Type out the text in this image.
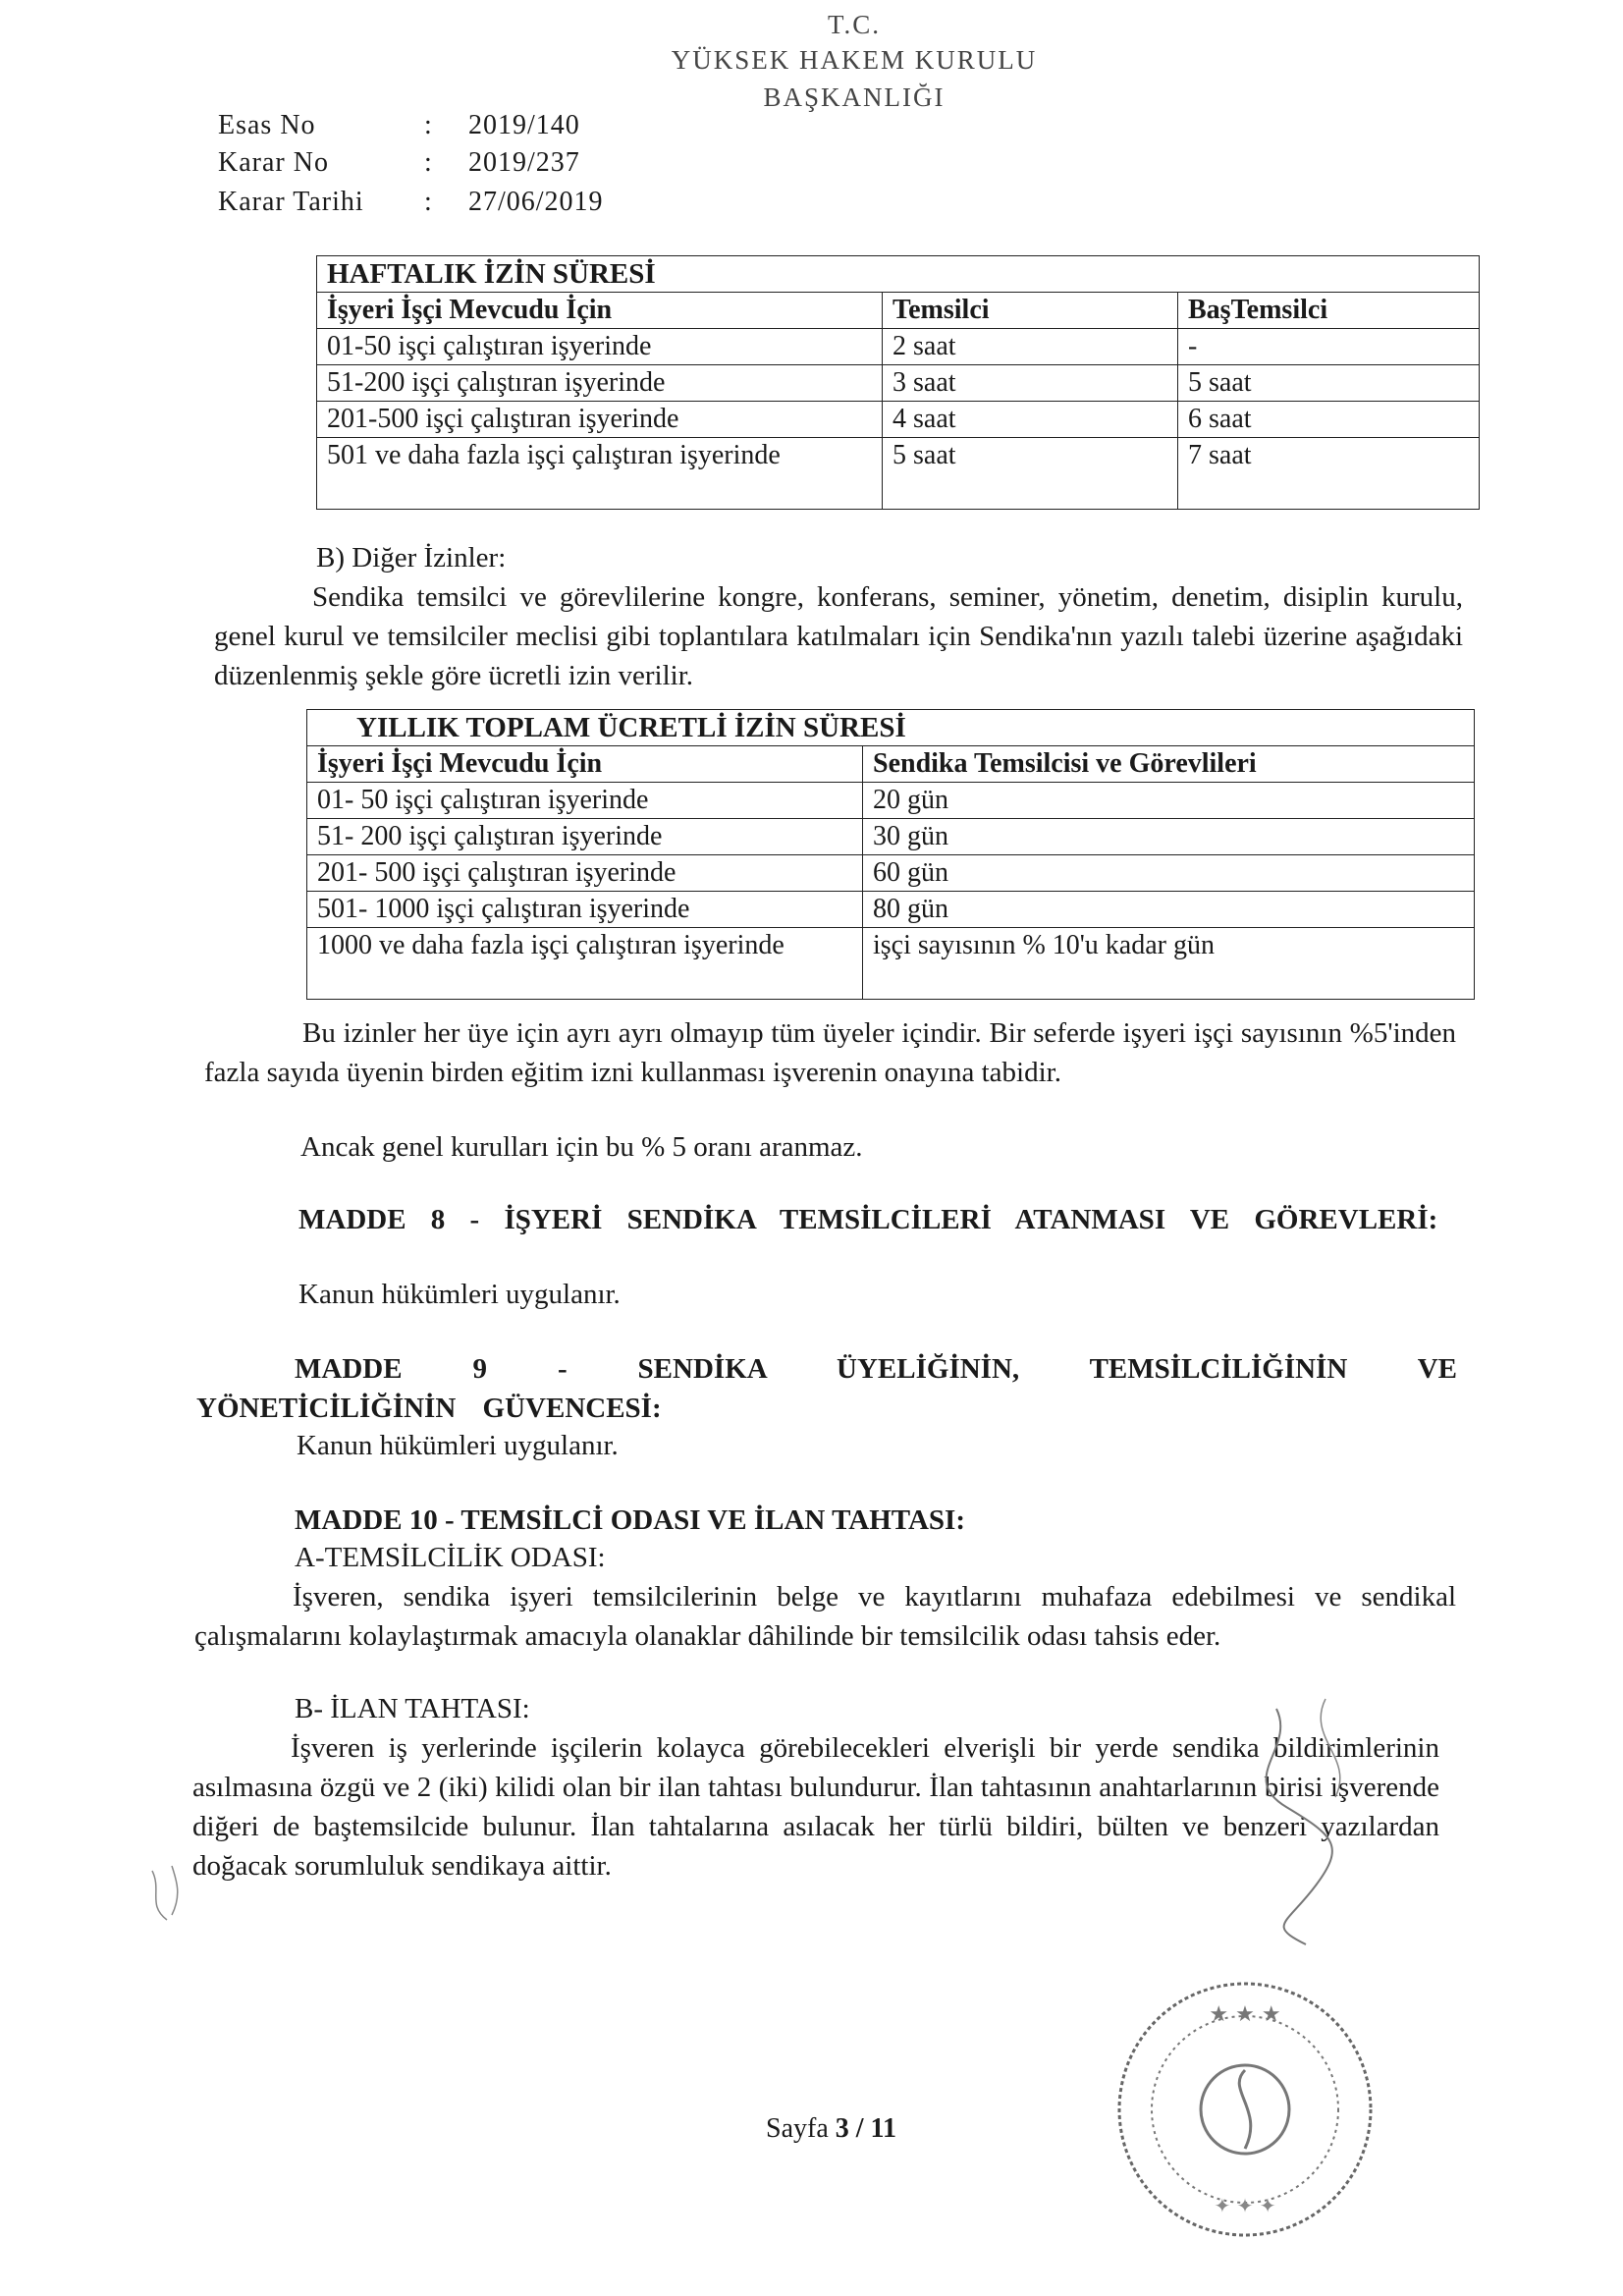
T.C.
YÜKSEK HAKEM KURULU
BAŞKANLIĞI
Esas No	: 2019/140
Karar No	: 2019/237
Karar Tarihi : 27/06/2019
HAFTALIK İZİN SÜRESİ		
İşyeri İşçi Mevcudu İçin	Temsilci	BaşTemsilci
01-50 işçi çalıştıran işyerinde	2 saat	-
51-200 işçi çalıştıran işyerinde	3 saat	5 saat
201-500 işçi çalıştıran işyerinde	4 saat	6 saat
501 ve daha fazla işçi çalıştıran işyerinde	5 saat	7 saat
B) Diğer İzinler:
Sendika temsilci ve görevlilerine kongre, konferans, seminer, yönetim, denetim, disiplin kurulu, genel kurul ve temsilciler meclisi gibi toplantılara katılmaları için Sendika'nın yazılı talebi üzerine aşağıdaki düzenlenmiş şekle göre ücretli izin verilir.
YILLIK TOPLAM ÜCRETLİ İZİN SÜRESİ	
İşyeri İşçi Mevcudu İçin	Sendika Temsilcisi ve Görevlileri
01- 50 işçi çalıştıran işyerinde	20 gün
51- 200 işçi çalıştıran işyerinde	30 gün
201- 500 işçi çalıştıran işyerinde	60 gün
501- 1000 işçi çalıştıran işyerinde	80 gün
1000 ve daha fazla işçi çalıştıran işyerinde	işçi sayısının % 10'u kadar gün
Bu izinler her üye için ayrı ayrı olmayıp tüm üyeler içindir. Bir seferde işyeri işçi sayısının %5'inden fazla sayıda üyenin birden eğitim izni kullanması işverenin onayına tabidir.
Ancak genel kurulları için bu % 5 oranı aranmaz.
MADDE 8 - İŞYERİ SENDİKA TEMSİLCİLERİ ATANMASI VE GÖREVLERİ:
Kanun hükümleri uygulanır.
MADDE 9 - SENDİKA ÜYELİĞİNİN, TEMSİLCİLİĞİNİN VE YÖNETİCİLİĞİNİN GÜVENCESİ:
Kanun hükümleri uygulanır.
MADDE 10 - TEMSİLCİ ODASI VE İLAN TAHTASI:
A-TEMSİLCİLİK ODASI:
İşveren, sendika işyeri temsilcilerinin belge ve kayıtlarını muhafaza edebilmesi ve sendikal çalışmalarını kolaylaştırmak amacıyla olanaklar dâhilinde bir temsilcilik odası tahsis eder.
B- İLAN TAHTASI:
İşveren iş yerlerinde işçilerin kolayca görebilecekleri elverişli bir yerde sendika bildirimlerinin asılmasına özgü ve 2 (iki) kilidi olan bir ilan tahtası bulundurur. İlan tahtasının anahtarlarının birisi işverende diğeri de baştemsilcide bulunur. İlan tahtalarına asılacak her türlü bildiri, bülten ve benzeri yazılardan doğacak sorumluluk sendikaya aittir.
★ ★ ★
✦ ✦ ✦
Sayfa 3 / 11
